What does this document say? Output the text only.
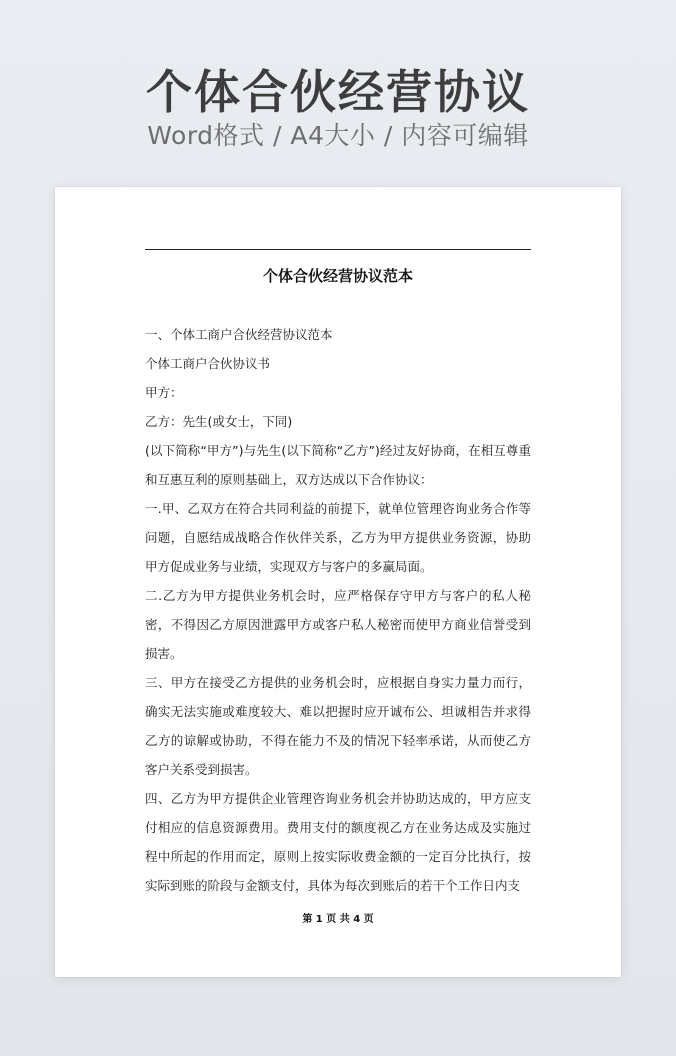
个体合伙经营协议
Word格式 / A4大小 / 内容可编辑
个体合伙经营协议范本

一、个体工商户合伙经营协议范本

个体工商户合伙协议书

甲方：

乙方：先生(或女士，下同)

(以下简称“甲方”)与先生(以下简称“乙方”)经过友好协商，在相互尊重和互惠互利的原则基础上，双方达成以下合作协议：

一.甲、乙双方在符合共同利益的前提下，就单位管理咨询业务合作等问题，自愿结成战略合作伙伴关系，乙方为甲方提供业务资源，协助甲方促成业务与业绩，实现双方与客户的多赢局面。

二.乙方为甲方提供业务机会时，应严格保存守甲方与客户的私人秘密，不得因乙方原因泄露甲方或客户私人秘密而使甲方商业信誉受到损害。

三、甲方在接受乙方提供的业务机会时，应根据自身实力量力而行，确实无法实施或难度较大、难以把握时应开诚布公、坦诚相告并求得乙方的谅解或协助，不得在能力不及的情况下轻率承诺，从而使乙方客户关系受到损害。

四、乙方为甲方提供企业管理咨询业务机会并协助达成的，甲方应支付相应的信息资源费用。费用支付的额度视乙方在业务达成及实施过程中所起的作用而定，原则上按实际收费金额的一定百分比执行，按实际到账的阶段与金额支付，具体为每次到账后的若干个工作日内支

第 1 页 共 4 页
